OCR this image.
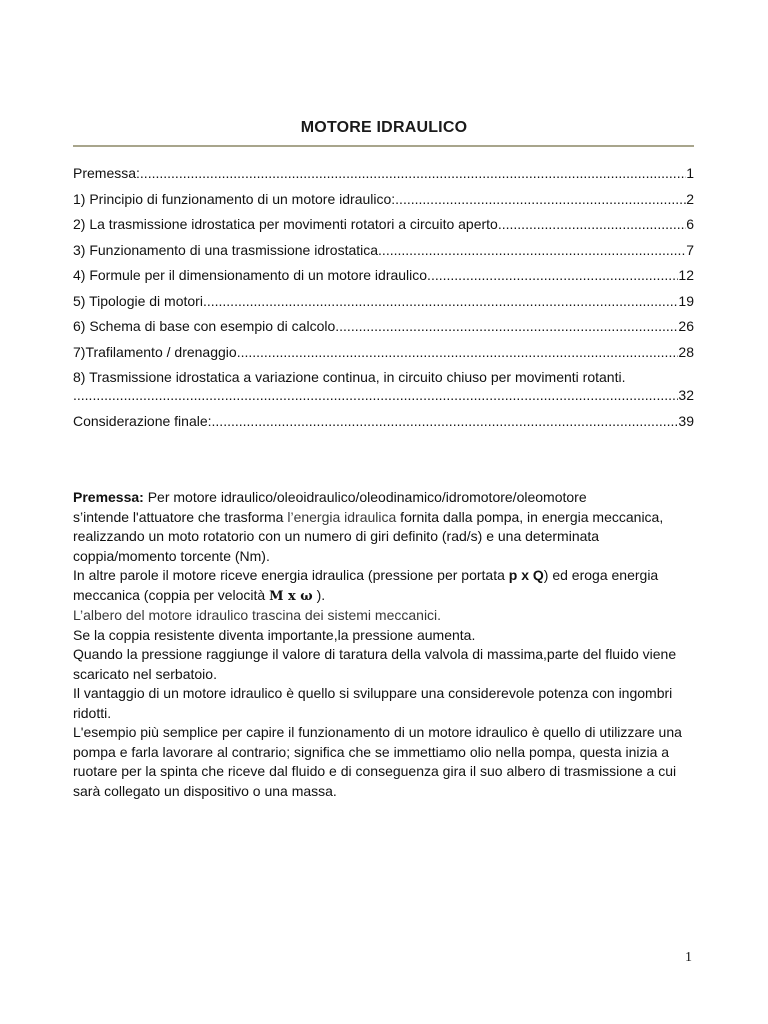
MOTORE IDRAULICO
Premessa: .....	1
1) Principio di funzionamento di un motore idraulico: .....	2
2) La trasmissione idrostatica per movimenti rotatori a circuito aperto. .....	6
3) Funzionamento di una trasmissione idrostatica .....	7
4) Formule per il dimensionamento di un motore idraulico. .....	12
5) Tipologie di motori .....	19
6) Schema di base con esempio di calcolo .....	26
7)Trafilamento / drenaggio .....	28
8) Trasmissione idrostatica a variazione continua, in circuito chiuso per movimenti rotanti.
.....
32
Considerazione finale: .....	39

Premessa: Per motore idraulico/oleoidraulico/oleodinamico/idromotore/oleomotore
s’intende l'attuatore che trasforma l’energia idraulica fornita dalla pompa, in energia meccanica, realizzando un moto rotatorio con un numero di giri definito (rad/s) e una determinata coppia/momento torcente (Nm).

In altre parole il motore riceve energia idraulica (pressione per portata p x Q) ed eroga energia meccanica (coppia per velocità M x ω ).

L’albero del motore idraulico trascina dei sistemi meccanici.

Se la coppia resistente diventa importante,la pressione aumenta.

Quando la pressione raggiunge il valore di taratura della valvola di massima,parte del fluido viene scaricato nel serbatoio.

Il vantaggio di un motore idraulico è quello si sviluppare una considerevole potenza con ingombri ridotti.

L'esempio più semplice per capire il funzionamento di un motore idraulico è quello di utilizzare una pompa e farla lavorare al contrario; significa che se immettiamo olio nella pompa, questa inizia a ruotare per la spinta che riceve dal fluido e di conseguenza gira il suo albero di trasmissione a cui sarà collegato un dispositivo o una massa.

1
